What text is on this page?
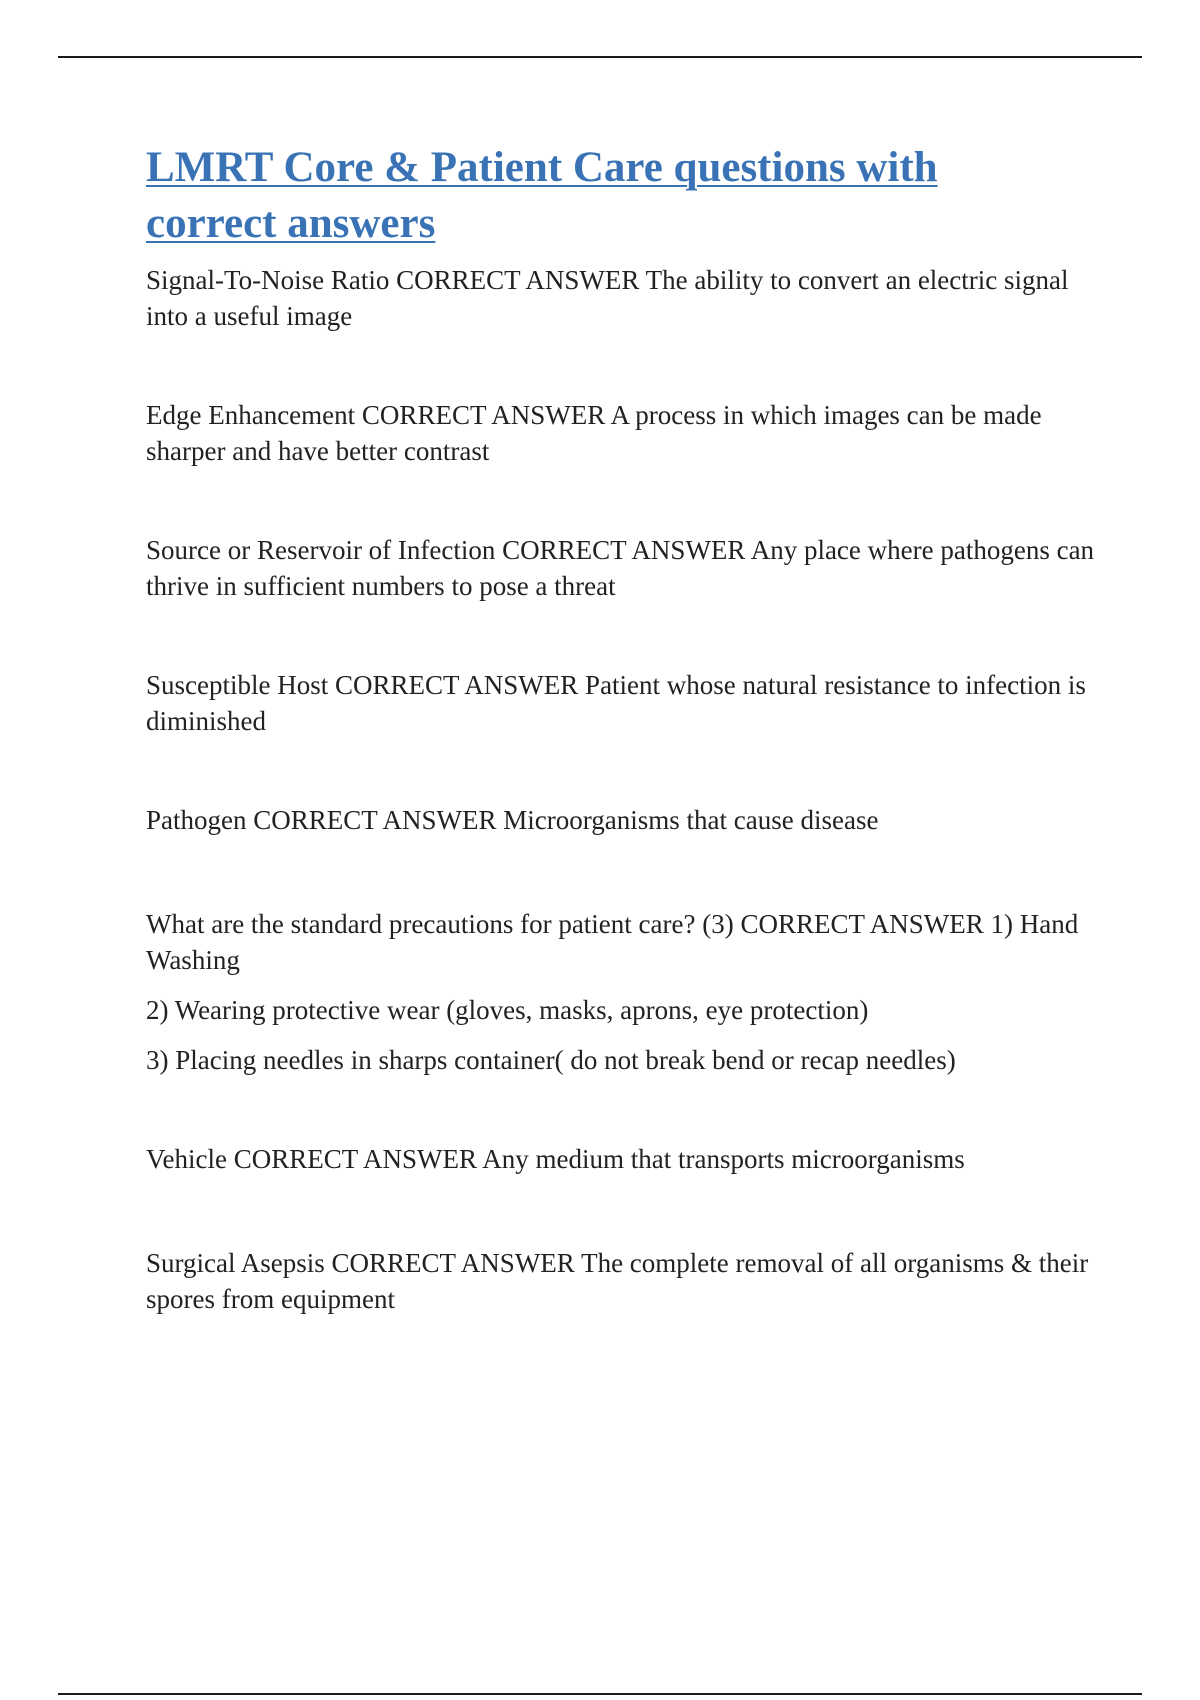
LMRT Core & Patient Care questions with correct answers

Signal-To-Noise Ratio CORRECT ANSWER The ability to convert an electric signal into a useful image

Edge Enhancement CORRECT ANSWER A process in which images can be made sharper and have better contrast

Source or Reservoir of Infection CORRECT ANSWER Any place where pathogens can thrive in sufficient numbers to pose a threat

Susceptible Host CORRECT ANSWER Patient whose natural resistance to infection is diminished

Pathogen CORRECT ANSWER Microorganisms that cause disease

What are the standard precautions for patient care? (3) CORRECT ANSWER 1) Hand Washing

2) Wearing protective wear (gloves, masks, aprons, eye protection)

3) Placing needles in sharps container( do not break bend or recap needles)

Vehicle CORRECT ANSWER Any medium that transports microorganisms

Surgical Asepsis CORRECT ANSWER The complete removal of all organisms & their spores from equipment
